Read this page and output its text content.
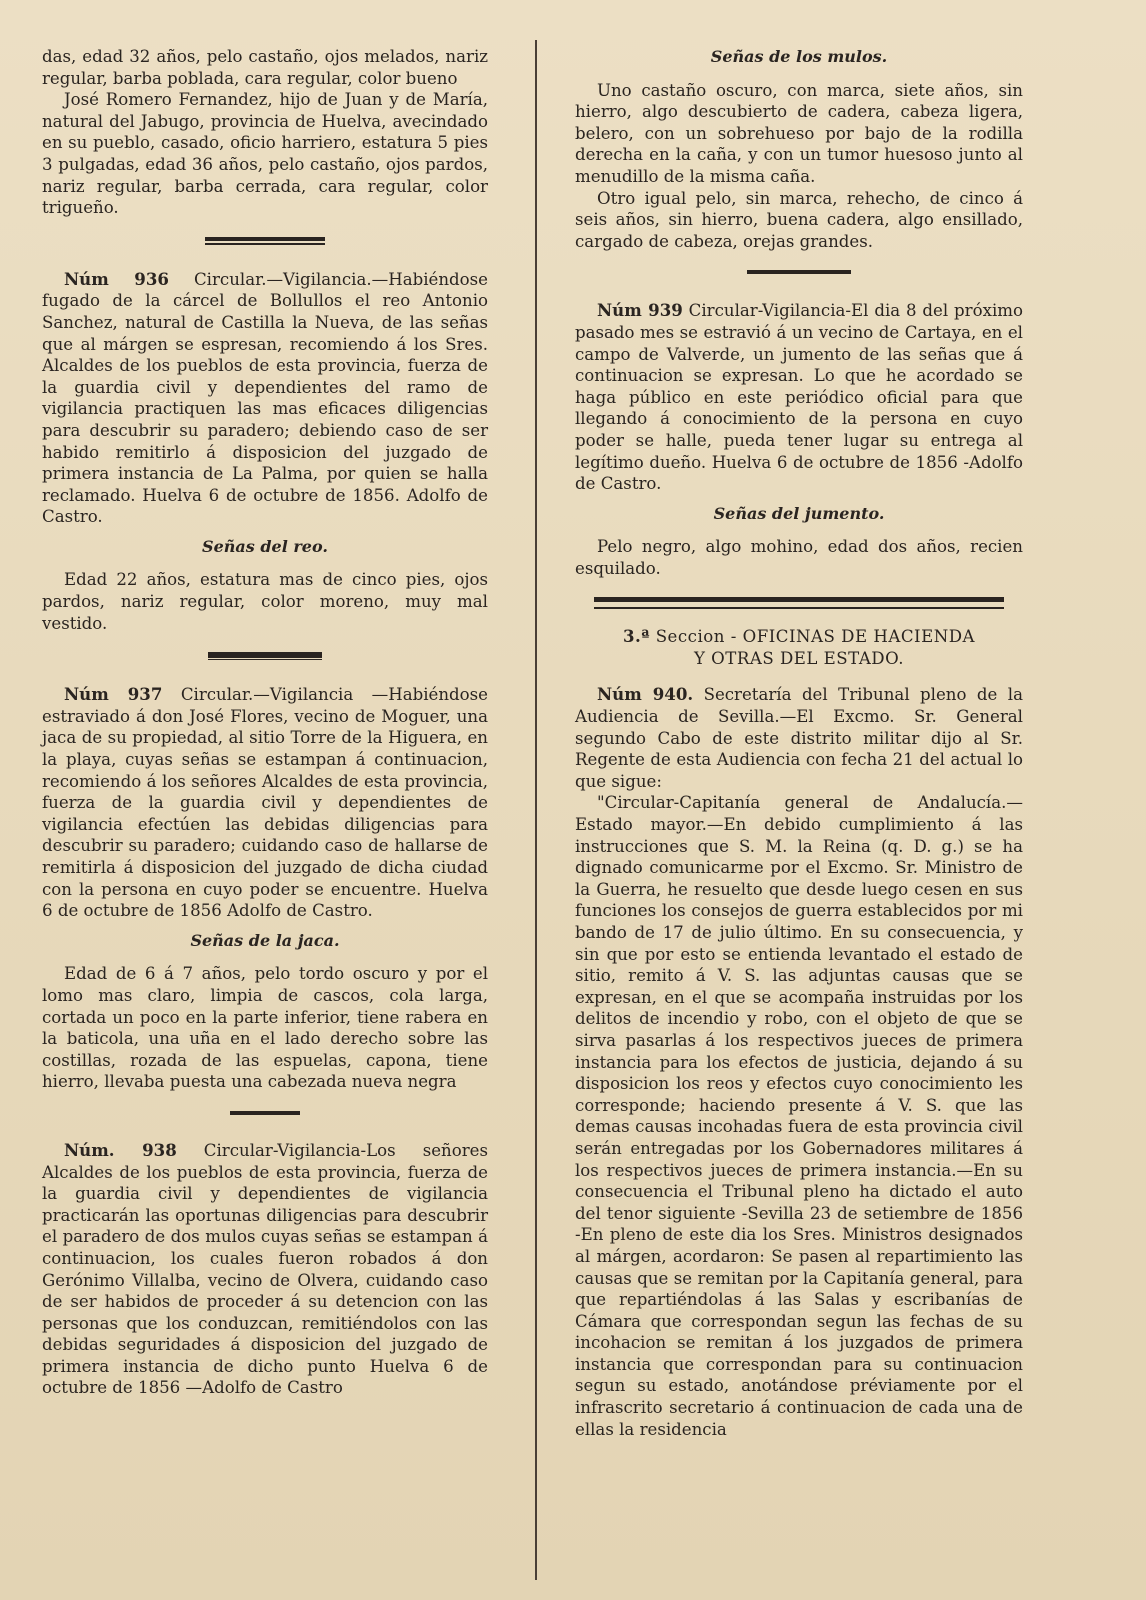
das, edad 32 años, pelo castaño, ojos melados, nariz regular, barba poblada, cara regular, color bueno

José Romero Fernandez, hijo de Juan y de María, natural del Jabugo, provincia de Huelva, avecindado en su pueblo, casado, oficio harriero, estatura 5 pies 3 pulgadas, edad 36 años, pelo castaño, ojos pardos, nariz regular, barba cerrada, cara regular, color trigueño.

Núm 936 Circular.—Vigilancia.—Habiéndose fugado de la cárcel de Bollullos el reo Antonio Sanchez, natural de Castilla la Nueva, de las señas que al márgen se espresan, recomiendo á los Sres. Alcaldes de los pueblos de esta provincia, fuerza de la guardia civil y dependientes del ramo de vigilancia practiquen las mas eficaces diligencias para descubrir su paradero; debiendo caso de ser habido remitirlo á disposicion del juzgado de primera instancia de La Palma, por quien se halla reclamado. Huelva 6 de octubre de 1856. Adolfo de Castro.

Señas del reo.

Edad 22 años, estatura mas de cinco pies, ojos pardos, nariz regular, color moreno, muy mal vestido.

Núm 937 Circular.—Vigilancia —Habiéndose estraviado á don José Flores, vecino de Moguer, una jaca de su propiedad, al sitio Torre de la Higuera, en la playa, cuyas señas se estampan á continuacion, recomiendo á los señores Alcaldes de esta provincia, fuerza de la guardia civil y dependientes de vigilancia efectúen las debidas diligencias para descubrir su paradero; cuidando caso de hallarse de remitirla á disposicion del juzgado de dicha ciudad con la persona en cuyo poder se encuentre. Huelva 6 de octubre de 1856 Adolfo de Castro.

Señas de la jaca.

Edad de 6 á 7 años, pelo tordo oscuro y por el lomo mas claro, limpia de cascos, cola larga, cortada un poco en la parte inferior, tiene rabera en la baticola, una uña en el lado derecho sobre las costillas, rozada de las espuelas, capona, tiene hierro, llevaba puesta una cabezada nueva negra

Núm. 938 Circular-Vigilancia-Los señores Alcaldes de los pueblos de esta provincia, fuerza de la guardia civil y dependientes de vigilancia practicarán las oportunas diligencias para descubrir el paradero de dos mulos cuyas señas se estampan á continuacion, los cuales fueron robados á don Gerónimo Villalba, vecino de Olvera, cuidando caso de ser habidos de proceder á su detencion con las personas que los conduzcan, remitiéndolos con las debidas seguridades á disposicion del juzgado de primera instancia de dicho punto Huelva 6 de octubre de 1856 —Adolfo de Castro

Señas de los mulos.

Uno castaño oscuro, con marca, siete años, sin hierro, algo descubierto de cadera, cabeza ligera, belero, con un sobrehueso por bajo de la rodilla derecha en la caña, y con un tumor huesoso junto al menudillo de la misma caña.

Otro igual pelo, sin marca, rehecho, de cinco á seis años, sin hierro, buena cadera, algo ensillado, cargado de cabeza, orejas grandes.

Núm 939 Circular-Vigilancia-El dia 8 del próximo pasado mes se estravió á un vecino de Cartaya, en el campo de Valverde, un jumento de las señas que á continuacion se expresan. Lo que he acordado se haga público en este periódico oficial para que llegando á conocimiento de la persona en cuyo poder se halle, pueda tener lugar su entrega al legítimo dueño. Huelva 6 de octubre de 1856 -Adolfo de Castro.

Señas del jumento.

Pelo negro, algo mohino, edad dos años, recien esquilado.

3.ª Seccion - OFICINAS DE HACIENDA
Y OTRAS DEL ESTADO.

Núm 940. Secretaría del Tribunal pleno de la Audiencia de Sevilla.—El Excmo. Sr. General segundo Cabo de este distrito militar dijo al Sr. Regente de esta Audiencia con fecha 21 del actual lo que sigue:

"Circular-Capitanía general de Andalucía.—Estado mayor.—En debido cumplimiento á las instrucciones que S. M. la Reina (q. D. g.) se ha dignado comunicarme por el Excmo. Sr. Ministro de la Guerra, he resuelto que desde luego cesen en sus funciones los consejos de guerra establecidos por mi bando de 17 de julio último. En su consecuencia, y sin que por esto se entienda levantado el estado de sitio, remito á V. S. las adjuntas causas que se expresan, en el que se acompaña instruidas por los delitos de incendio y robo, con el objeto de que se sirva pasarlas á los respectivos jueces de primera instancia para los efectos de justicia, dejando á su disposicion los reos y efectos cuyo conocimiento les corresponde; haciendo presente á V. S. que las demas causas incohadas fuera de esta provincia civil serán entregadas por los Gobernadores militares á los respectivos jueces de primera instancia.—En su consecuencia el Tribunal pleno ha dictado el auto del tenor siguiente -Sevilla 23 de setiembre de 1856 -En pleno de este dia los Sres. Ministros designados al márgen, acordaron: Se pasen al repartimiento las causas que se remitan por la Capitanía general, para que repartiéndolas á las Salas y escribanías de Cámara que correspondan segun las fechas de su incohacion se remitan á los juzgados de primera instancia que correspondan para su continuacion segun su estado, anotándose préviamente por el infrascrito secretario á continuacion de cada una de ellas la residencia
